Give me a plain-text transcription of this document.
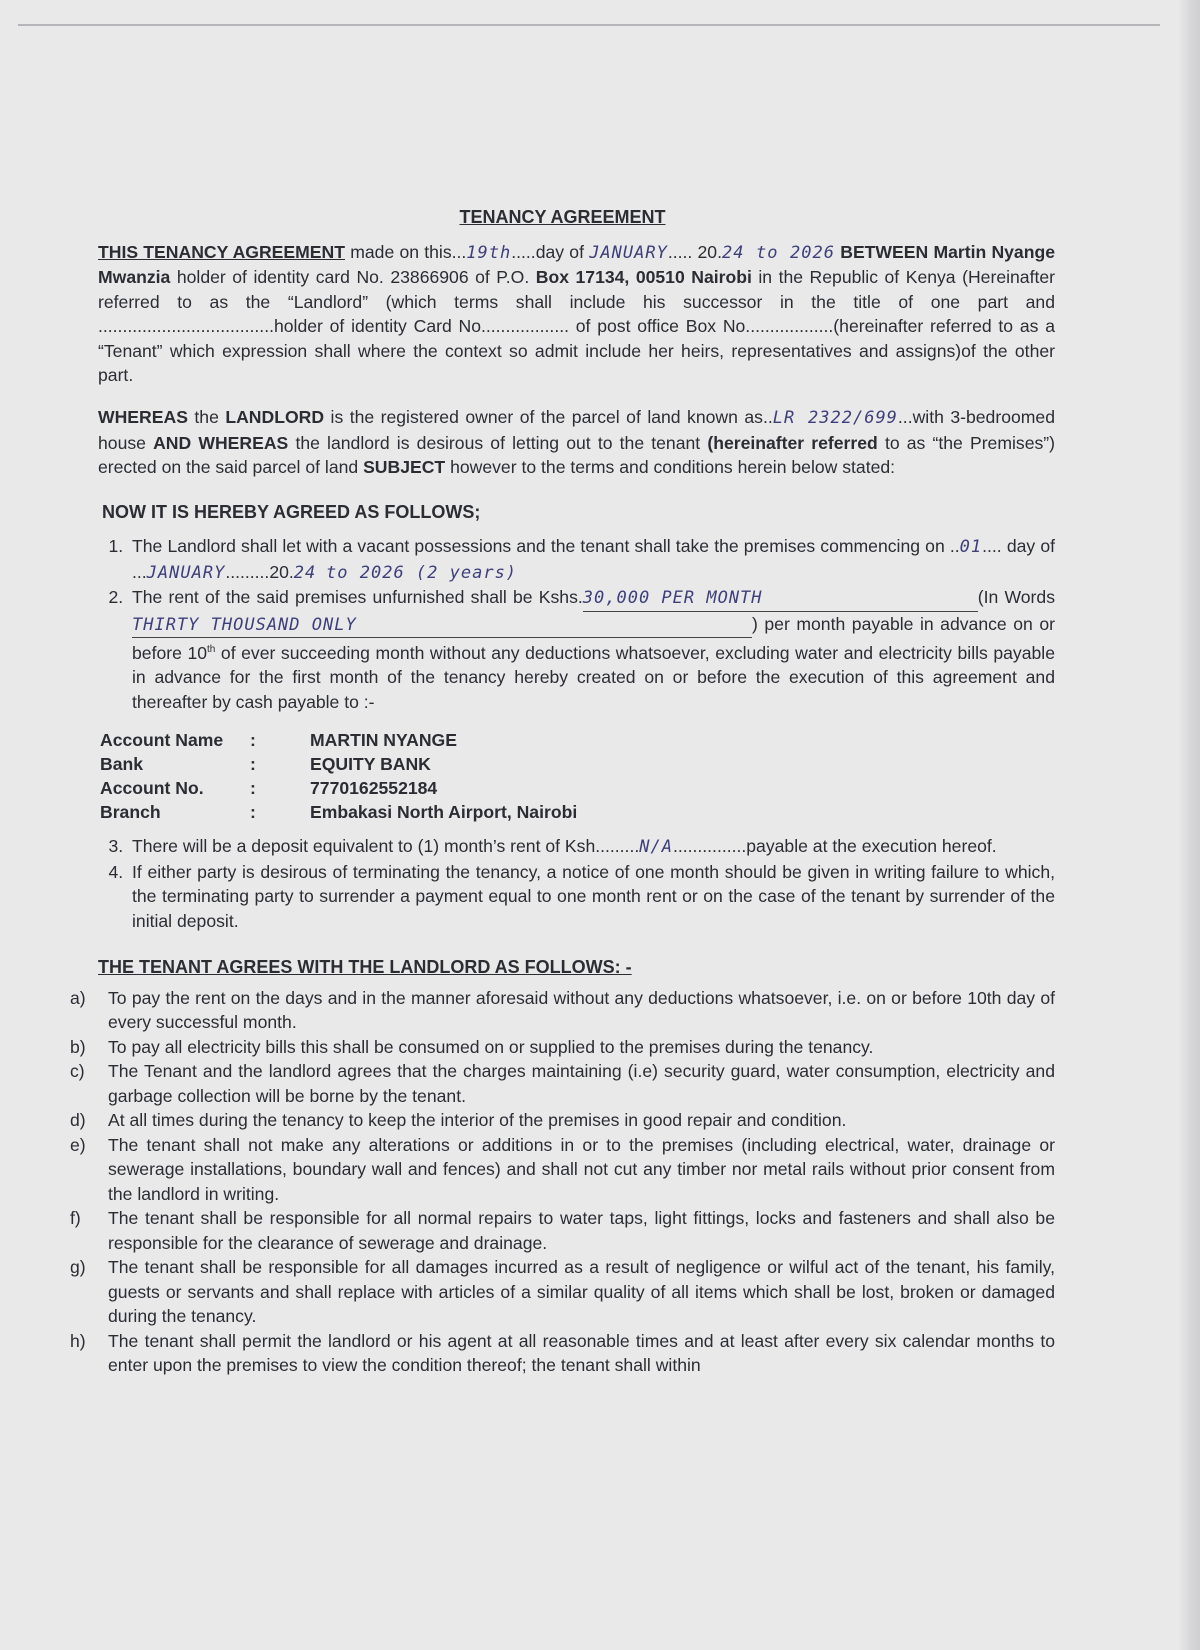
TENANCY AGREEMENT

THIS TENANCY AGREEMENT made on this...19th.....day of JANUARY..... 20.24 to 2026 BETWEEN Martin Nyange Mwanzia holder of identity card No. 23866906 of P.O. Box 17134, 00510 Nairobi in the Republic of Kenya (Hereinafter referred to as the “Landlord” (which terms shall include his successor in the title of one part and ....................................holder of identity Card No.................. of post office Box No..................(hereinafter referred to as a “Tenant” which expression shall where the context so admit include her heirs, representatives and assigns)of the other part.

WHEREAS the LANDLORD is the registered owner of the parcel of land known as..LR 2322/699...with 3-bedroomed house AND WHEREAS the landlord is desirous of letting out to the tenant (hereinafter referred to as “the Premises”) erected on the said parcel of land SUBJECT however to the terms and conditions herein below stated:

NOW IT IS HEREBY AGREED AS FOLLOWS;
1. The Landlord shall let with a vacant possessions and the tenant shall take the premises commencing on ..01.... day of ...JANUARY.........20.24 to 2026 (2 years)
2. The rent of the said premises unfurnished shall be Kshs.30,000 PER MONTH	(In Words THIRTY THOUSAND ONLY	) per month payable in advance on or before 10th of ever succeeding month without any deductions whatsoever, excluding water and electricity bills payable in advance for the first month of the tenancy hereby created on or before the execution of this agreement and thereafter by cash payable to :-
Account Name	:	MARTIN NYANGE
Bank	:	EQUITY BANK
Account No.	:	7770162552184
Branch	:	Embakasi North Airport, Nairobi
3. There will be a deposit equivalent to (1) month’s rent of Ksh.........N/A...............payable at the execution hereof.
4. If either party is desirous of terminating the tenancy, a notice of one month should be given in writing failure to which, the terminating party to surrender a payment equal to one month rent or on the case of the tenant by surrender of the initial deposit.
THE TENANT AGREES WITH THE LANDLORD AS FOLLOWS: -
a) To pay the rent on the days and in the manner aforesaid without any deductions whatsoever, i.e. on or before 10th day of every successful month.
b) To pay all electricity bills this shall be consumed on or supplied to the premises during the tenancy.
c) The Tenant and the landlord agrees that the charges maintaining (i.e) security guard, water consumption, electricity and garbage collection will be borne by the tenant.
d) At all times during the tenancy to keep the interior of the premises in good repair and condition.
e) The tenant shall not make any alterations or additions in or to the premises (including electrical, water, drainage or sewerage installations, boundary wall and fences) and shall not cut any timber nor metal rails without prior consent from the landlord in writing.
f) The tenant shall be responsible for all normal repairs to water taps, light fittings, locks and fasteners and shall also be responsible for the clearance of sewerage and drainage.
g) The tenant shall be responsible for all damages incurred as a result of negligence or wilful act of the tenant, his family, guests or servants and shall replace with articles of a similar quality of all items which shall be lost, broken or damaged during the tenancy.
h) The tenant shall permit the landlord or his agent at all reasonable times and at least after every six calendar months to enter upon the premises to view the condition thereof; the tenant shall within
